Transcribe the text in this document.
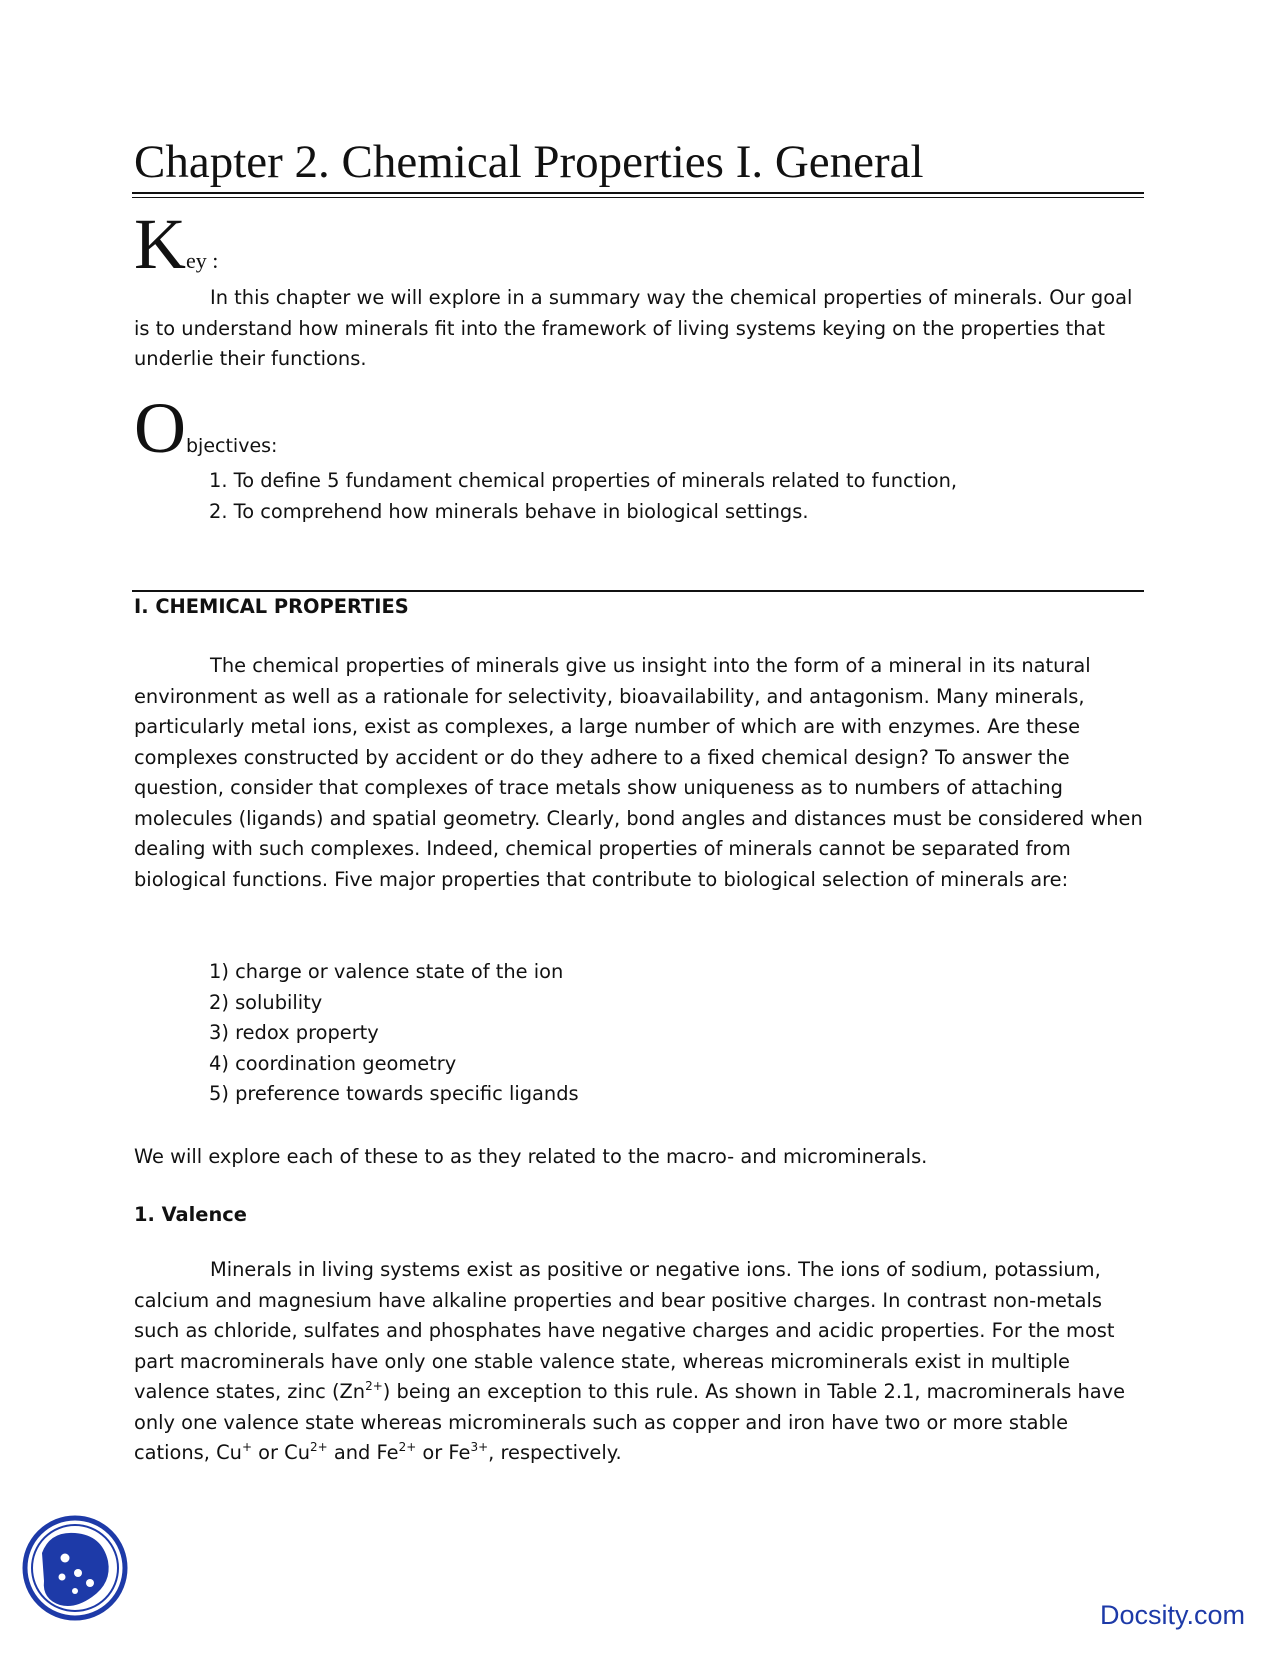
Chapter 2. Chemical Properties I. General
Key :

In this chapter we will explore in a summary way the chemical properties of minerals. Our goal is to understand how minerals fit into the framework of living systems keying on the properties that underlie their functions.

Objectives:
1. To define 5 fundament chemical properties of minerals related to function,
2. To comprehend how minerals behave in biological settings.
I. CHEMICAL PROPERTIES

The chemical properties of minerals give us insight into the form of a mineral in its natural environment as well as a rationale for selectivity, bioavailability, and antagonism. Many minerals, particularly metal ions, exist as complexes, a large number of which are with enzymes. Are these complexes constructed by accident or do they adhere to a fixed chemical design? To answer the question, consider that complexes of trace metals show uniqueness as to numbers of attaching molecules (ligands) and spatial geometry. Clearly, bond angles and distances must be considered when dealing with such complexes. Indeed, chemical properties of minerals cannot be separated from biological functions. Five major properties that contribute to biological selection of minerals are:

1) charge or valence state of the ion
2) solubility
3) redox property
4) coordination geometry
5) preference towards specific ligands

We will explore each of these to as they related to the macro- and microminerals.

1. Valence

Minerals in living systems exist as positive or negative ions. The ions of sodium, potassium, calcium and magnesium have alkaline properties and bear positive charges. In contrast non-metals such as chloride, sulfates and phosphates have negative charges and acidic properties. For the most part macrominerals have only one stable valence state, whereas microminerals exist in multiple valence states, zinc $(Zn^{2+})$ being an exception to this rule. As shown in Table 2.1, macrominerals have only one valence state whereas microminerals such as copper and iron have two or more stable cations, Cu+ or $Cu^{2+}$ and $Fe^{2+}$ or $Fe^{3+}$, respectively.

Docsity.com
